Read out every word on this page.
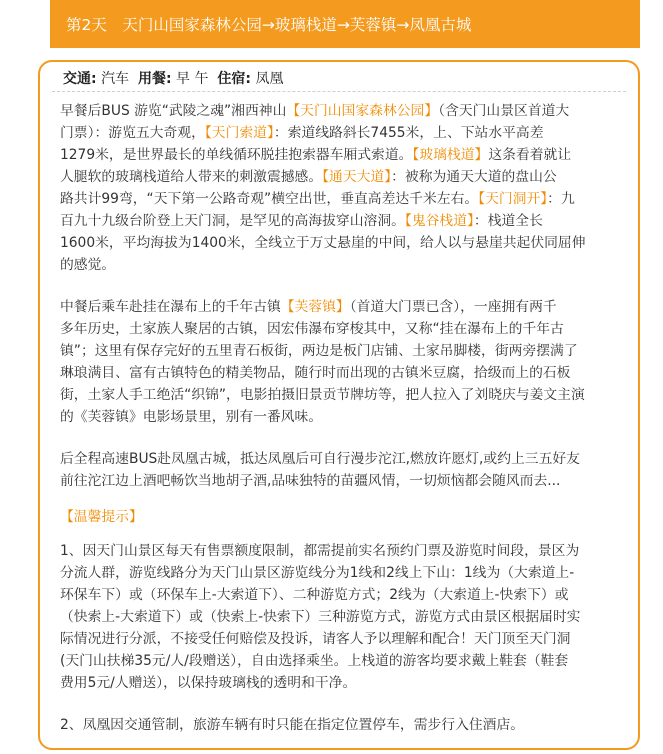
第2天　天门山国家森林公园→玻璃栈道→芙蓉镇→凤凰古城
交通: 汽车 用餐: 早 午 住宿: 凤凰
早餐后BUS 游览“武陵之魂”湘西神山【天门山国家森林公园】（含天门山景区首道大
门票）：游览五大奇观，【天门索道】：索道线路斜长7455米，上、下站水平高差
1279米，是世界最长的单线循环脱挂抱索器车厢式索道。【玻璃栈道】这条看着就让
人腿软的玻璃栈道给人带来的刺激震撼感。【通天大道】：被称为通天大道的盘山公
路共计99弯，“天下第一公路奇观”横空出世，垂直高差达千米左右。【天门洞开】：九
百九十九级台阶登上天门洞，是罕见的高海拔穿山溶洞。【鬼谷栈道】：栈道全长
1600米，平均海拔为1400米，全线立于万丈悬崖的中间，给人以与悬崖共起伏同屈伸
的感觉。
中餐后乘车赴挂在瀑布上的千年古镇【芙蓉镇】（首道大门票已含），一座拥有两千
多年历史，土家族人聚居的古镇，因宏伟瀑布穿梭其中，又称“挂在瀑布上的千年古
镇”；这里有保存完好的五里青石板街，两边是板门店铺、土家吊脚楼，街两旁摆满了
琳琅满目、富有古镇特色的精美物品，随行时而出现的古镇米豆腐，拾级而上的石板
街，土家人手工绝活“织锦”，电影拍摄旧景贡节牌坊等，把人拉入了刘晓庆与姜文主演
的《芙蓉镇》电影场景里，别有一番风味。
后全程高速BUS赴凤凰古城，抵达凤凰后可自行漫步沱江,燃放许愿灯,或约上三五好友
前往沱江边上酒吧畅饮当地胡子酒,品味独特的苗疆风情，一切烦恼都会随风而去...
【温馨提示】
1、因天门山景区每天有售票额度限制，都需提前实名预约门票及游览时间段，景区为
分流人群，游览线路分为天门山景区游览线分为1线和2线上下山：1线为（大索道上-
环保车下）或（环保车上-大索道下）、二种游览方式；2线为（大索道上-快索下）或
（快索上-大索道下）或（快索上-快索下）三种游览方式，游览方式由景区根据届时实
际情况进行分派，不接受任何赔偿及投诉，请客人予以理解和配合！天门顶至天门洞
(天门山扶梯35元/人/段赠送），自由选择乘坐。上栈道的游客均要求戴上鞋套（鞋套
费用5元/人赠送），以保持玻璃栈的透明和干净。
2、凤凰因交通管制，旅游车辆有时只能在指定位置停车，需步行入住酒店。
